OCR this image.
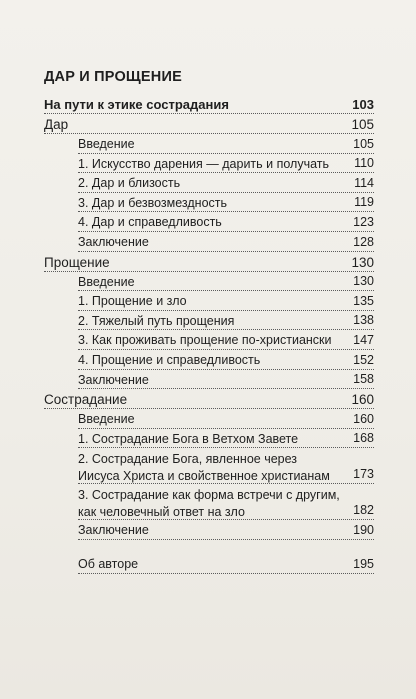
ДАР И ПРОЩЕНИЕ
На пути к этике сострадания	103
Дар	105
Введение	105
1. Искусство дарения — дарить и получать	110
2. Дар и близость	114
3. Дар и безвозмездность	119
4. Дар и справедливость	123
Заключение	128
Прощение	130
Введение	130
1. Прощение и зло	135
2. Тяжелый путь прощения	138
3. Как проживать прощение по-христиански	147
4. Прощение и справедливость	152
Заключение	158
Сострадание	160
Введение	160
1. Сострадание Бога в Ветхом Завете	168
2. Сострадание Бога, явленное через Иисуса Христа и свойственное христианам	173
3. Сострадание как форма встречи с другим, как человечный ответ на зло	182
Заключение	190
Об авторе	195
